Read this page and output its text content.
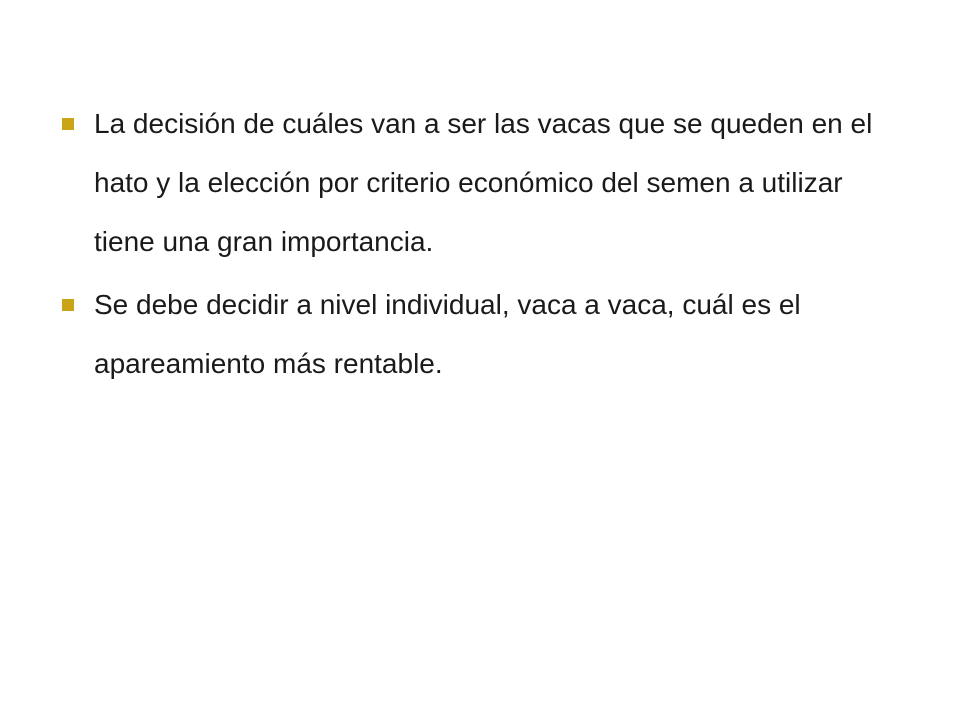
La decisión de cuáles van a ser las vacas que se queden en el hato y la elección por criterio económico del semen a utilizar tiene una gran importancia.
Se debe decidir a nivel individual, vaca a vaca, cuál es el apareamiento más rentable.
